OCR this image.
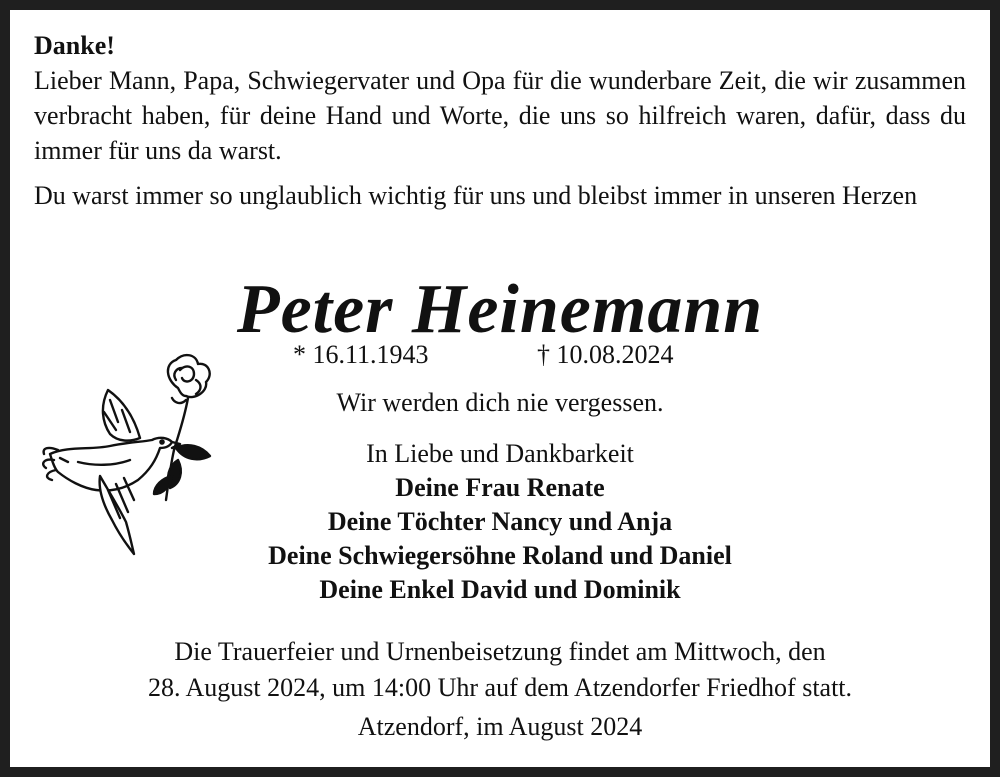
Danke!

Lieber Mann, Papa, Schwiegervater und Opa für die wunderbare Zeit, die wir zusammen verbracht haben, für deine Hand und Worte, die uns so hilfreich waren, dafür, dass du immer für uns da warst.

Du warst immer so unglaublich wichtig für uns und bleibst immer in unseren Herzen

Peter Heinemann
* 16.11.1943	† 10.08.2024
Wir werden dich nie vergessen.
In Liebe und Dankbarkeit
Deine Frau Renate
Deine Töchter Nancy und Anja
Deine Schwiegersöhne Roland und Daniel
Deine Enkel David und Dominik
Die Trauerfeier und Urnenbeisetzung findet am Mittwoch, den
28. August 2024, um 14:00 Uhr auf dem Atzendorfer Friedhof statt.
Atzendorf, im August 2024
